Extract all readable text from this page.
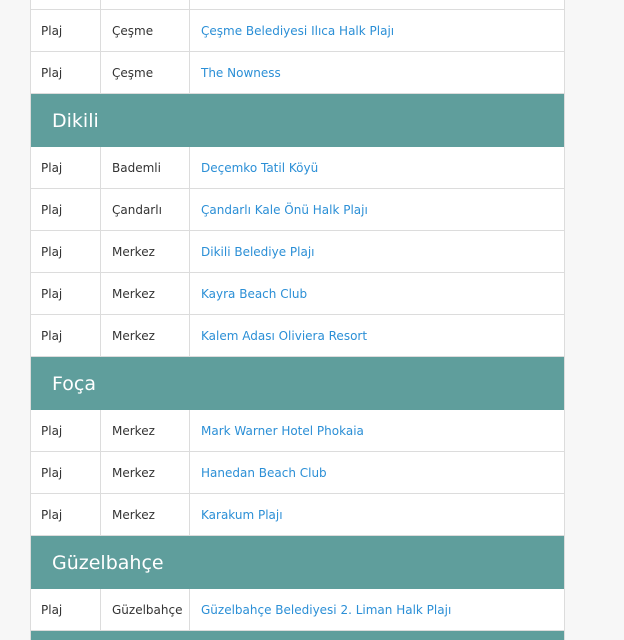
Plaj	Çeşme	Çeşme Belediyesi Ilıca Halk Plajı
Plaj	Çeşme	The Nowness
Dikili
Plaj	Bademli	Deçemko Tatil Köyü
Plaj	Çandarlı	Çandarlı Kale Önü Halk Plajı
Plaj	Merkez	Dikili Belediye Plajı
Plaj	Merkez	Kayra Beach Club
Plaj	Merkez	Kalem Adası Oliviera Resort
Foça
Plaj	Merkez	Mark Warner Hotel Phokaia
Plaj	Merkez	Hanedan Beach Club
Plaj	Merkez	Karakum Plajı
Güzelbahçe
Plaj	Güzelbahçe	Güzelbahçe Belediyesi 2. Liman Halk Plajı
